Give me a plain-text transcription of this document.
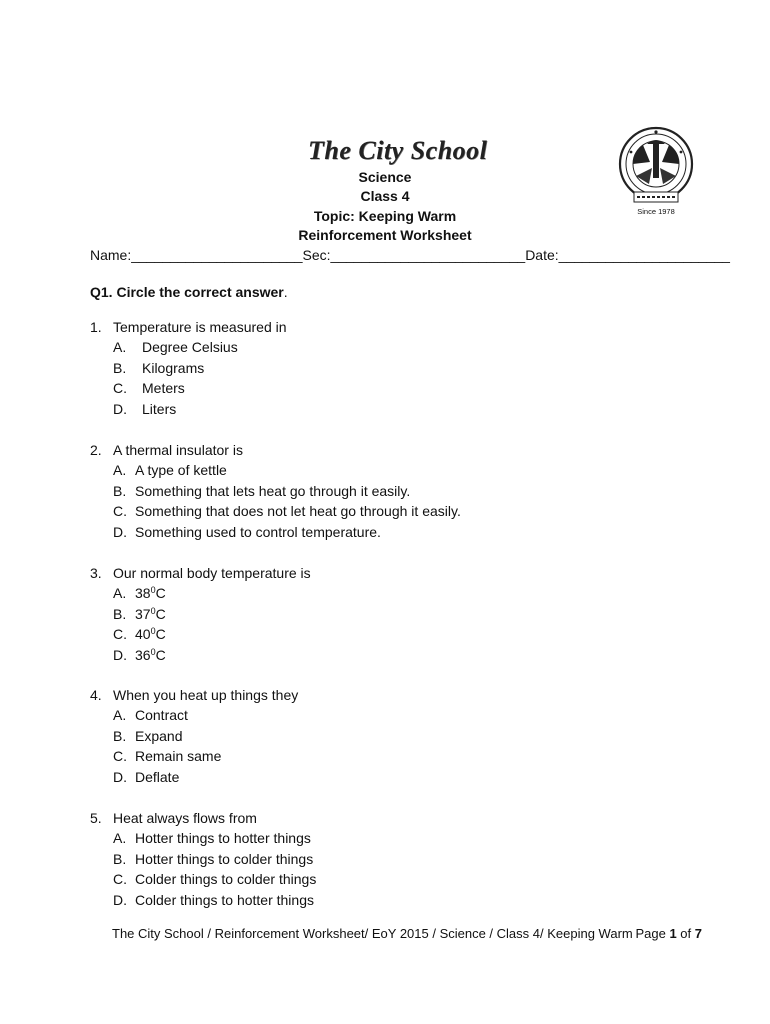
The City School
Since 1978
Science
Class 4
Topic: Keeping Warm
Reinforcement Worksheet
Name:______________________Sec:_________________________Date:______________________
Q1. Circle the correct answer.
1. Temperature is measured in
A. Degree Celsius
B. Kilograms
C. Meters
D. Liters
2. A thermal insulator is
A. A type of kettle
B. Something that lets heat go through it easily.
C. Something that does not let heat go through it easily.
D. Something used to control temperature.
3. Our normal body temperature is
A. $38^0C$
B. $37^0C$
C. $40^0C$
D. $36^0C$
4. When you heat up things they
A. Contract
B. Expand
C. Remain same
D. Deflate
5. Heat always flows from
A. Hotter things to hotter things
B. Hotter things to colder things
C. Colder things to colder things
D. Colder things to hotter things
The City School / Reinforcement Worksheet/ EoY 2015 / Science / Class 4/ Keeping Warm Page 1 of 7
